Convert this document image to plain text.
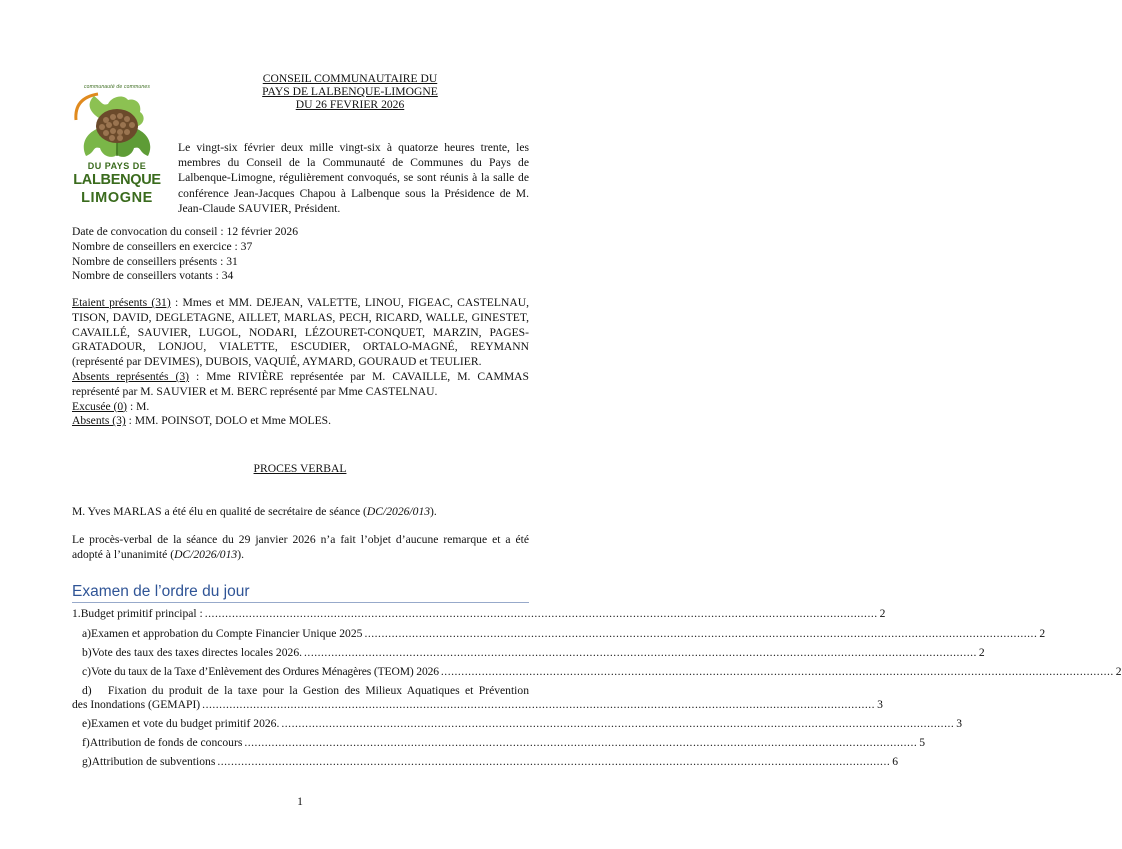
communauté de communes
DU PAYS DE
LALBENQUE
LIMOGNE
CONSEIL COMMUNAUTAIRE DU
PAYS DE LALBENQUE-LIMOGNE
DU 26 FEVRIER 2026
Le vingt-six février deux mille vingt-six à quatorze heures trente, les membres du Conseil de la Communauté de Communes du Pays de Lalbenque-Limogne, régulièrement convoqués, se sont réunis à la salle de conférence Jean-Jacques Chapou à Lalbenque sous la Présidence de M. Jean-Claude SAUVIER, Président.
Date de convocation du conseil : 12 février 2026
Nombre de conseillers en exercice : 37
Nombre de conseillers présents : 31
Nombre de conseillers votants : 34
Etaient présents (31) : Mmes et MM. DEJEAN, VALETTE, LINOU, FIGEAC, CASTELNAU, TISON, DAVID, DEGLETAGNE, AILLET, MARLAS, PECH, RICARD, WALLE, GINESTET, CAVAILLÉ, SAUVIER, LUGOL, NODARI, LÉZOURET-CONQUET, MARZIN, PAGES-GRATADOUR, LONJOU, VIALETTE, ESCUDIER, ORTALO-MAGNÉ, REYMANN (représenté par DEVIMES), DUBOIS, VAQUIÉ, AYMARD, GOURAUD et TEULIER.
Absents représentés (3) : Mme RIVIÈRE représentée par M. CAVAILLE, M. CAMMAS représenté par M. SAUVIER et M. BERC représenté par Mme CASTELNAU.
Excusée (0) : M.
Absents (3) : MM. POINSOT, DOLO et Mme MOLES.
PROCES VERBAL
M. Yves MARLAS a été élu en qualité de secrétaire de séance (DC/2026/013).
Le procès-verbal de la séance du 29 janvier 2026 n’a fait l’objet d’aucune remarque et a été adopté à l’unanimité (DC/2026/013).
Examen de l’ordre du jour
1. Budget primitif principal : ...................................................................................................................................................................................................... 2
a) Examen et approbation du Compte Financier Unique 2025 ...................................................................................................................................................................................................... 2
b) Vote des taux des taxes directes locales 2026. ...................................................................................................................................................................................................... 2
c) Vote du taux de la Taxe d’Enlèvement des Ordures Ménagères (TEOM) 2026 ...................................................................................................................................................................................................... 2
d) Fixation du produit de la taxe pour la Gestion des Milieux Aquatiques et Prévention
des Inondations (GEMAPI) ...................................................................................................................................................................................................... 3
e) Examen et vote du budget primitif 2026. ...................................................................................................................................................................................................... 3
f) Attribution de fonds de concours ...................................................................................................................................................................................................... 5
g) Attribution de subventions ...................................................................................................................................................................................................... 6
1
